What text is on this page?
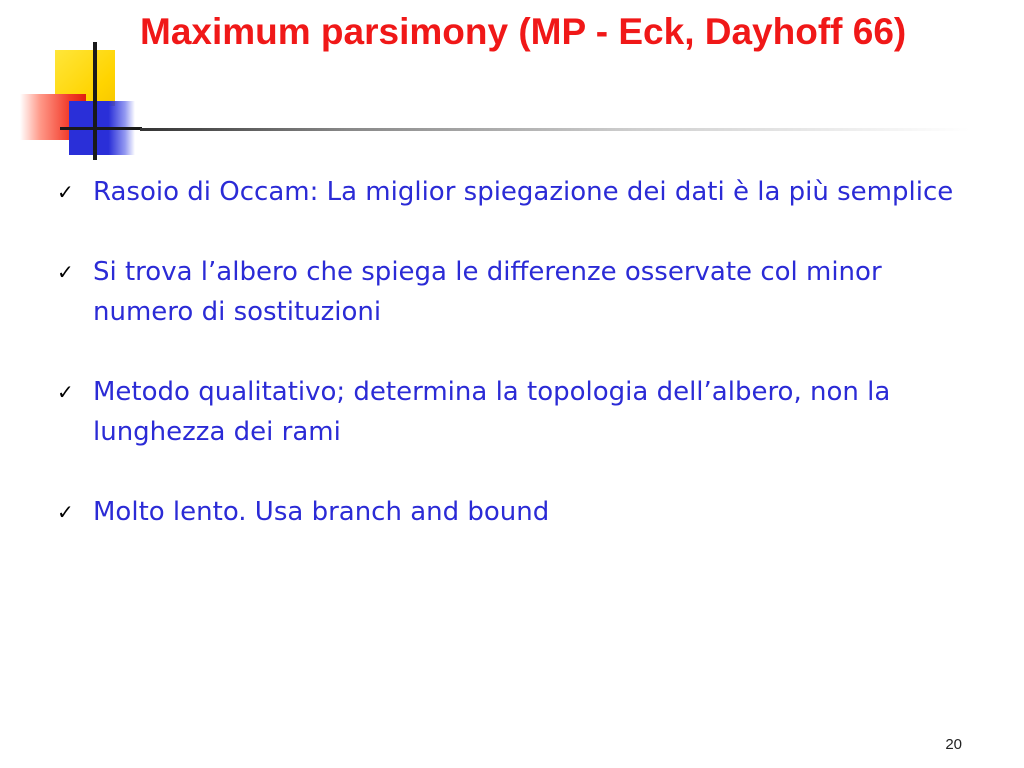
Maximum parsimony (MP - Eck, Dayhoff 66)
✓ Rasoio di Occam: La miglior spiegazione dei dati è la più semplice
✓ Si trova l’albero che spiega le differenze osservate col minor numero di sostituzioni
✓ Metodo qualitativo; determina la topologia dell’albero, non la lunghezza dei rami
✓ Molto lento. Usa branch and bound
20
